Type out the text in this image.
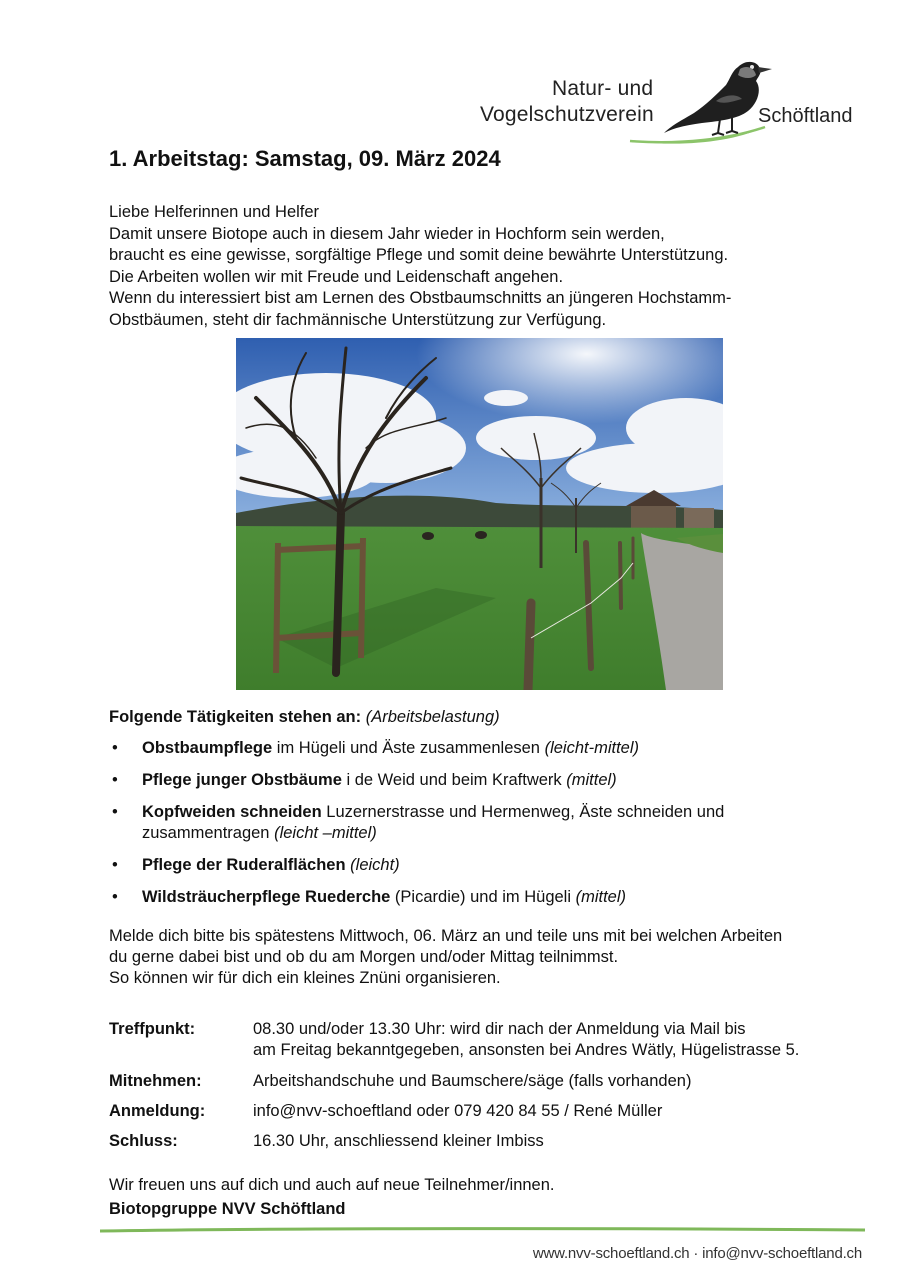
Natur- und
Vogelschutzverein	Schöftland
1. Arbeitstag: Samstag, 09. März 2024

Liebe Helferinnen und Helfer

Damit unsere Biotope auch in diesem Jahr wieder in Hochform sein werden,

braucht es eine gewisse, sorgfältige Pflege und somit deine bewährte Unterstützung.

Die Arbeiten wollen wir mit Freude und Leidenschaft angehen.

Wenn du interessiert bist am Lernen des Obstbaumschnitts an jüngeren Hochstamm-

Obstbäumen, steht dir fachmännische Unterstützung zur Verfügung.

Folgende Tätigkeiten stehen an: (Arbeitsbelastung)

• Obstbaumpflege im Hügeli und Äste zusammenlesen (leicht-mittel)
• Pflege junger Obstbäume i de Weid und beim Kraftwerk (mittel)
• Kopfweiden schneiden Luzernerstrasse und Hermenweg, Äste schneiden und zusammentragen (leicht –mittel)
• Pflege der Ruderalflächen (leicht)
• Wildsträucherpflege Ruederche (Picardie) und im Hügeli (mittel)

Melde dich bitte bis spätestens Mittwoch, 06. März an und teile uns mit bei welchen Arbeiten

du gerne dabei bist und ob du am Morgen und/oder Mittag teilnimmst.

So können wir für dich ein kleines Znüni organisieren.

Treffpunkt:	08.30 und/oder 13.30 Uhr: wird dir nach der Anmeldung via Mail bis

am Freitag bekanntgegeben, ansonsten bei Andres Wätly, Hügelistrasse 5.

Mitnehmen:	Arbeitshandschuhe und Baumschere/säge (falls vorhanden)
Anmeldung:	info@nvv-schoeftland oder 079 420 84 55 / René Müller
Schluss:	16.30 Uhr, anschliessend kleiner Imbiss

Wir freuen uns auf dich und auch auf neue Teilnehmer/innen.

Biotopgruppe NVV Schöftland

www.nvv-schoeftland.ch · info@nvv-schoeftland.ch
